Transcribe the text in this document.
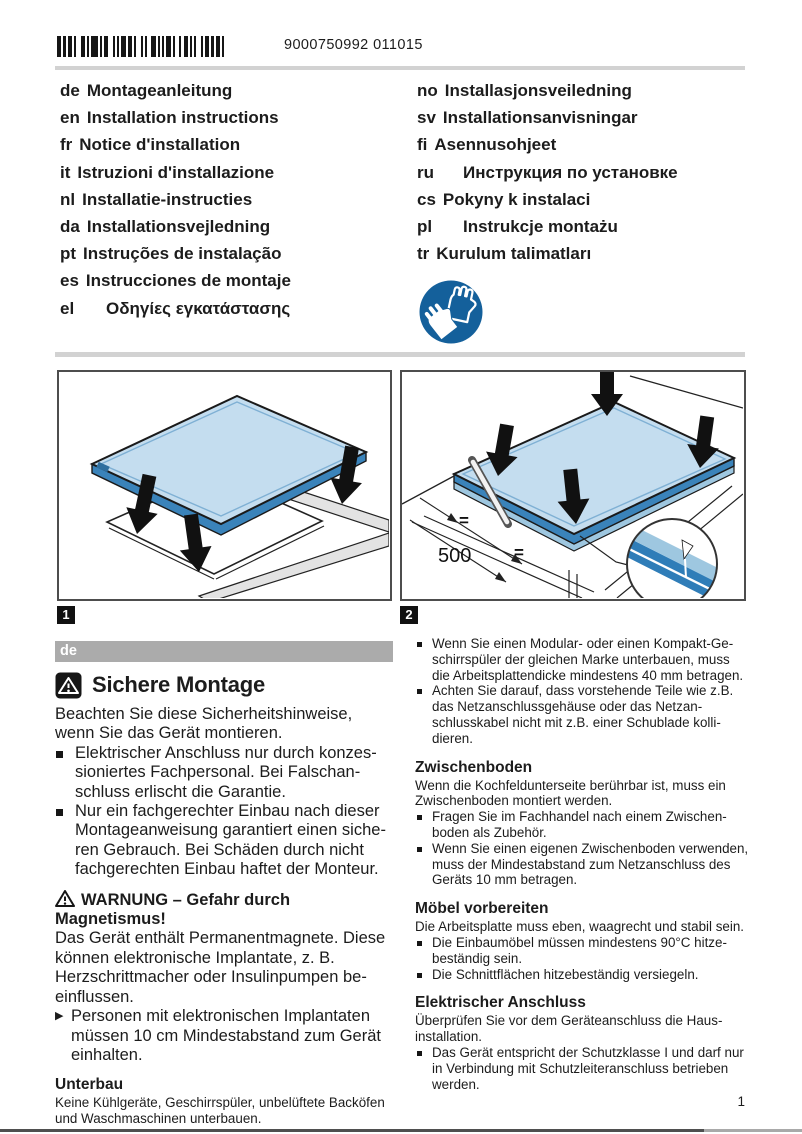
9000750992 011015
de Montageanleitung
en Installation instructions
fr Notice d'installation
it Istruzioni d'installazione
nl Installatie-instructies
da Installationsvejledning
pt Instruções de instalação
es Instrucciones de montaje
el	Οδηγίες εγκατάστασης
no Installasjonsveiledning
sv Installationsanvisningar
fi Asennusohjeet
ru	Инструкция по установке
cs Pokyny k instalaci
pl	Instrukcje montażu
tr Kurulum talimatları
1
=
=
500
2
de
Sichere Montage

Beachten Sie diese Sicherheitshinweise, wenn Sie das Gerät montieren.

Elektrischer Anschluss nur durch konzessioniertes Fachpersonal. Bei Falschanschluss erlischt die Garantie.
Nur ein fachgerechter Einbau nach dieser Montageanweisung garantiert einen sicheren Gebrauch. Bei Schäden durch nicht fachgerechten Einbau haftet der Monteur.

WARNUNG – Gefahr durch Magnetismus!

Das Gerät enthält Permanentmagnete. Diese können elektronische Implantate, z. B. Herzschrittmacher oder Insulinpumpen beeinflussen.

▶ Personen mit elektronischen Implantaten müssen 10 cm Mindestabstand zum Gerät einhalten.
Unterbau

Keine Kühlgeräte, Geschirrspüler, unbelüftete Backöfen und Waschmaschinen unterbauen.

Wenn Sie einen Modular- oder einen Kompakt-Geschirrspüler der gleichen Marke unterbauen, muss die Arbeitsplattendicke mindestens 40 mm betragen.
Achten Sie darauf, dass vorstehende Teile wie z.B. das Netzanschlussgehäuse oder das Netzanschlusskabel nicht mit z.B. einer Schublade kollidieren.
Zwischenboden

Wenn die Kochfeldunterseite berührbar ist, muss ein Zwischenboden montiert werden.

Fragen Sie im Fachhandel nach einem Zwischenboden als Zubehör.
Wenn Sie einen eigenen Zwischenboden verwenden, muss der Mindestabstand zum Netzanschluss des Geräts 10 mm betragen.
Möbel vorbereiten

Die Arbeitsplatte muss eben, waagrecht und stabil sein.

Die Einbaumöbel müssen mindestens 90°C hitzebeständig sein.
Die Schnittflächen hitzebeständig versiegeln.
Elektrischer Anschluss

Überprüfen Sie vor dem Geräteanschluss die Hausinstallation.

Das Gerät entspricht der Schutzklasse I und darf nur in Verbindung mit Schutzleiteranschluss betrieben werden.
1
